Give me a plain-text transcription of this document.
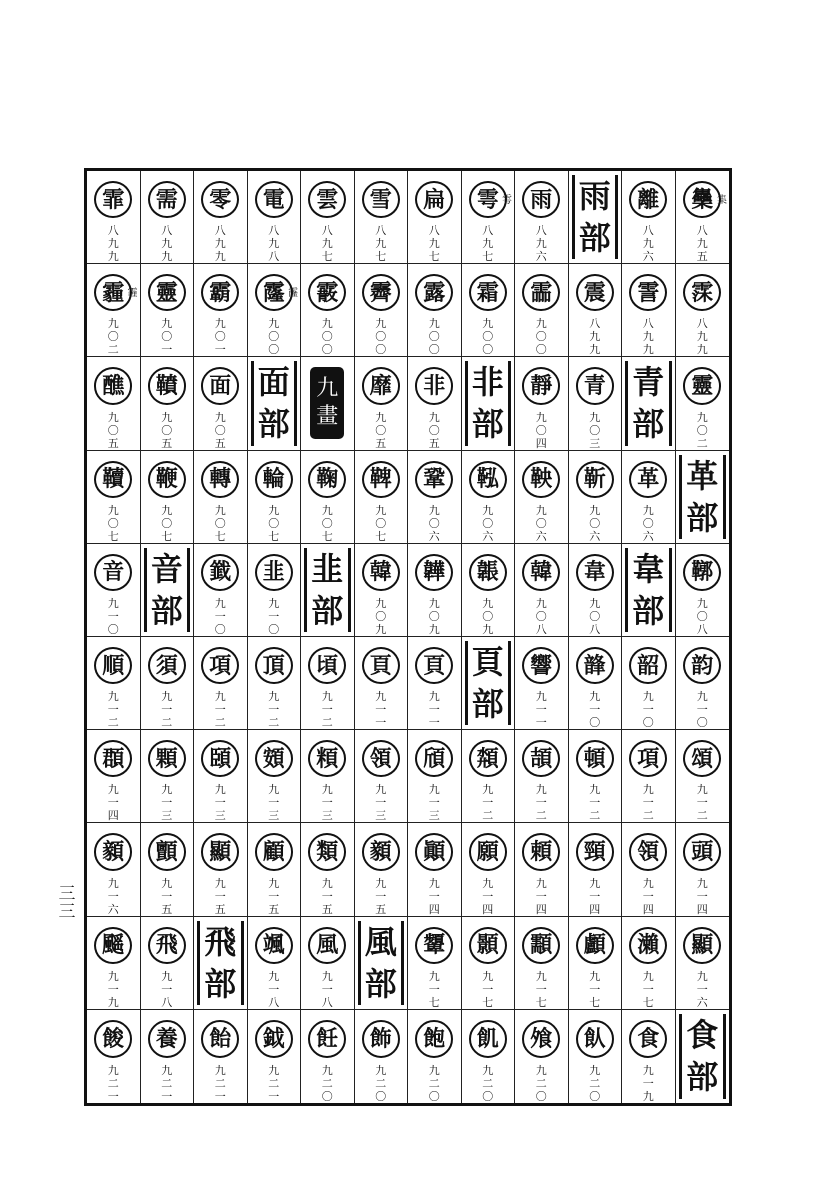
三三
霏
八
九
九
需
八
九
九
零
八
九
九
電
八
九
八
雲
八
九
七
雪
八
九
七
扁
八
九
七
雩
八
九
七
雩 雨
八
九
六
雨
部
離
八
九
六
雧
八
九
五
集
霾
九
〇
二
霾 靈
九
〇
一
霸
九
〇
一
霳
九
〇
〇
霳 霰
九
〇
〇
霽
九
〇
〇
露
九
〇
〇
霜
九
〇
〇
霝
九
〇
〇
震
八
九
九
霅
八
九
九
霂
八
九
九
醮
九
〇
五
䩿
九
〇
五
面
九
〇
五
面
部
九
畫
靡
九
〇
五
非
九
〇
五
非
部
靜
九
〇
四
青
九
〇
三
青
部
靈
九
〇
二
韇
九
〇
七
鞭
九
〇
七
轉
九
〇
七
輪
九
〇
七
鞠
九
〇
七
鞞
九
〇
七
鞏
九
〇
六
鞃
九
〇
六
鞅
九
〇
六
靳
九
〇
六
革
九
〇
六
革
部
音
九
一
〇
音
部
韱
九
一
〇
韭
九
一
〇
韭
部
韓
九
〇
九
韡
九
〇
九
韔
九
〇
九
韓
九
〇
八
韋
九
〇
八
韋
部
鞹
九
〇
八
順
九
一
二
須
九
一
二
項
九
一
二
頂
九
一
二
頃
九
一
二
頁
九
一
一
頁
九
一
一
頁
部
響
九
一
一
韸
九
一
〇
韶
九
一
〇
韵
九
一
〇
頵
九
一
四
顆
九
一
三
頣
九
一
三
頞
九
一
三
頪
九
一
三
領
九
一
三
頎
九
一
三
頮
九
一
二
頡
九
一
二
頓
九
一
二
項
九
一
二
頌
九
一
二
顡
九
一
六
顫
九
一
五
顯
九
一
五
顧
九
一
五
類
九
一
五
顡
九
一
五
顚
九
一
四
願
九
一
四
頼
九
一
四
頸
九
一
四
領
九
一
四
頭
九
一
四
䬙
九
一
九
飛
九
一
八
飛
部
颯
九
一
八
風
九
一
八
風
部
顰
九
一
七
顥
九
一
七
顬
九
一
七
顱
九
一
七
瀨
九
一
七
顯
九
一
六
餕
九
二
一
養
九
二
一
飴
九
二
一
鉞
九
二
一
飪
九
二
〇
飾
九
二
〇
飽
九
二
〇
飢
九
二
〇
飧
九
二
〇
飤
九
二
〇
食
九
一
九
食
部
